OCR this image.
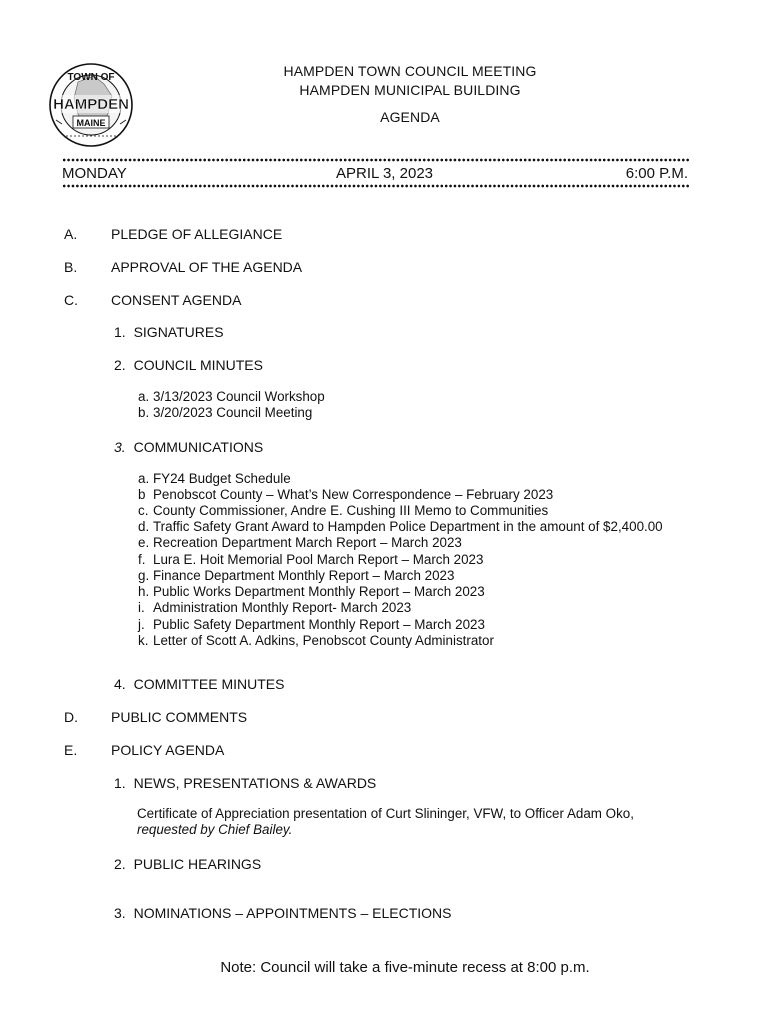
TOWN OF
HAMPDEN
MAINE
HAMPDEN TOWN COUNCIL MEETING
HAMPDEN MUNICIPAL BUILDING
AGENDA
MONDAY	APRIL 3, 2023	6:00 P.M.
A. PLEDGE OF ALLEGIANCE
B. APPROVAL OF THE AGENDA
C. CONSENT AGENDA
1. SIGNATURES
2. COUNCIL MINUTES
a. 3/13/2023 Council Workshop
b. 3/20/2023 Council Meeting
3. COMMUNICATIONS
a. FY24 Budget Schedule
b Penobscot County – What’s New Correspondence – February 2023
c. County Commissioner, Andre E. Cushing III Memo to Communities
d. Traffic Safety Grant Award to Hampden Police Department in the amount of $2,400.00
e. Recreation Department March Report – March 2023
f. Lura E. Hoit Memorial Pool March Report – March 2023
g. Finance Department Monthly Report – March 2023
h. Public Works Department Monthly Report – March 2023
i. Administration Monthly Report- March 2023
j. Public Safety Department Monthly Report – March 2023
k. Letter of Scott A. Adkins, Penobscot County Administrator
4. COMMITTEE MINUTES
D. PUBLIC COMMENTS
E. POLICY AGENDA
1. NEWS, PRESENTATIONS & AWARDS
Certificate of Appreciation presentation of Curt Slininger, VFW, to Officer Adam Oko,
requested by Chief Bailey.
2. PUBLIC HEARINGS
3. NOMINATIONS – APPOINTMENTS – ELECTIONS
Note: Council will take a five-minute recess at 8:00 p.m.
